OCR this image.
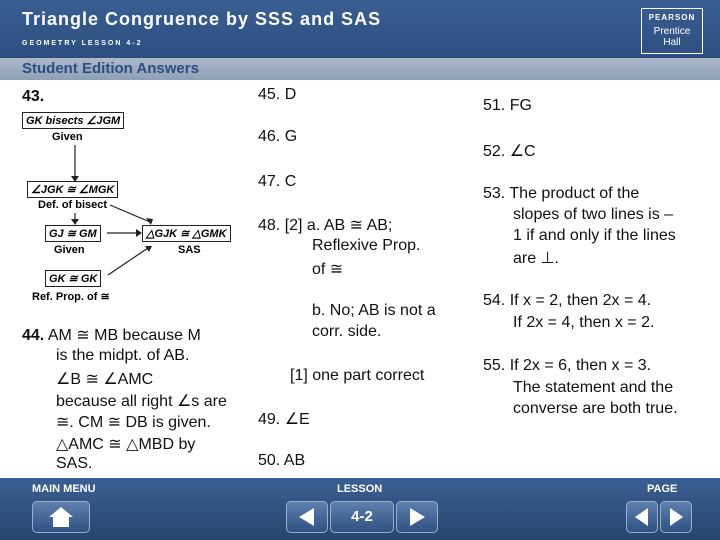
Triangle Congruence by SSS and SAS
GEOMETRY LESSON 4-2
PEARSON
Prentice
Hall
Student Edition Answers
43.
GK bisects ∠JGM
Given
∠JGK ≅ ∠MGK
Def. of bisect
GJ ≅ GM
Given
△GJK ≅ △GMK
SAS
GK ≅ GK
Ref. Prop. of ≅
44. AM ≅ MB because M
is the midpt. of AB.
∠B ≅ ∠AMC
because all right ∠s are
≅. CM ≅ DB is given.
△AMC ≅ △MBD by
SAS.
45. D
46. G
47. C
48. [2] a. AB ≅ AB;
Reflexive Prop.
of ≅
b. No; AB is not a
corr. side.
[1] one part correct
49. ∠E
50. AB
51. FG
52. ∠C
53. The product of the
slopes of two lines is –
1 if and only if the lines
are ⊥.
54. If x = 2, then 2x = 4.
If 2x = 4, then x = 2.
55. If 2x = 6, then x = 3.
The statement and the
converse are both true.
MAIN MENU	LESSON	PAGE
4-2
